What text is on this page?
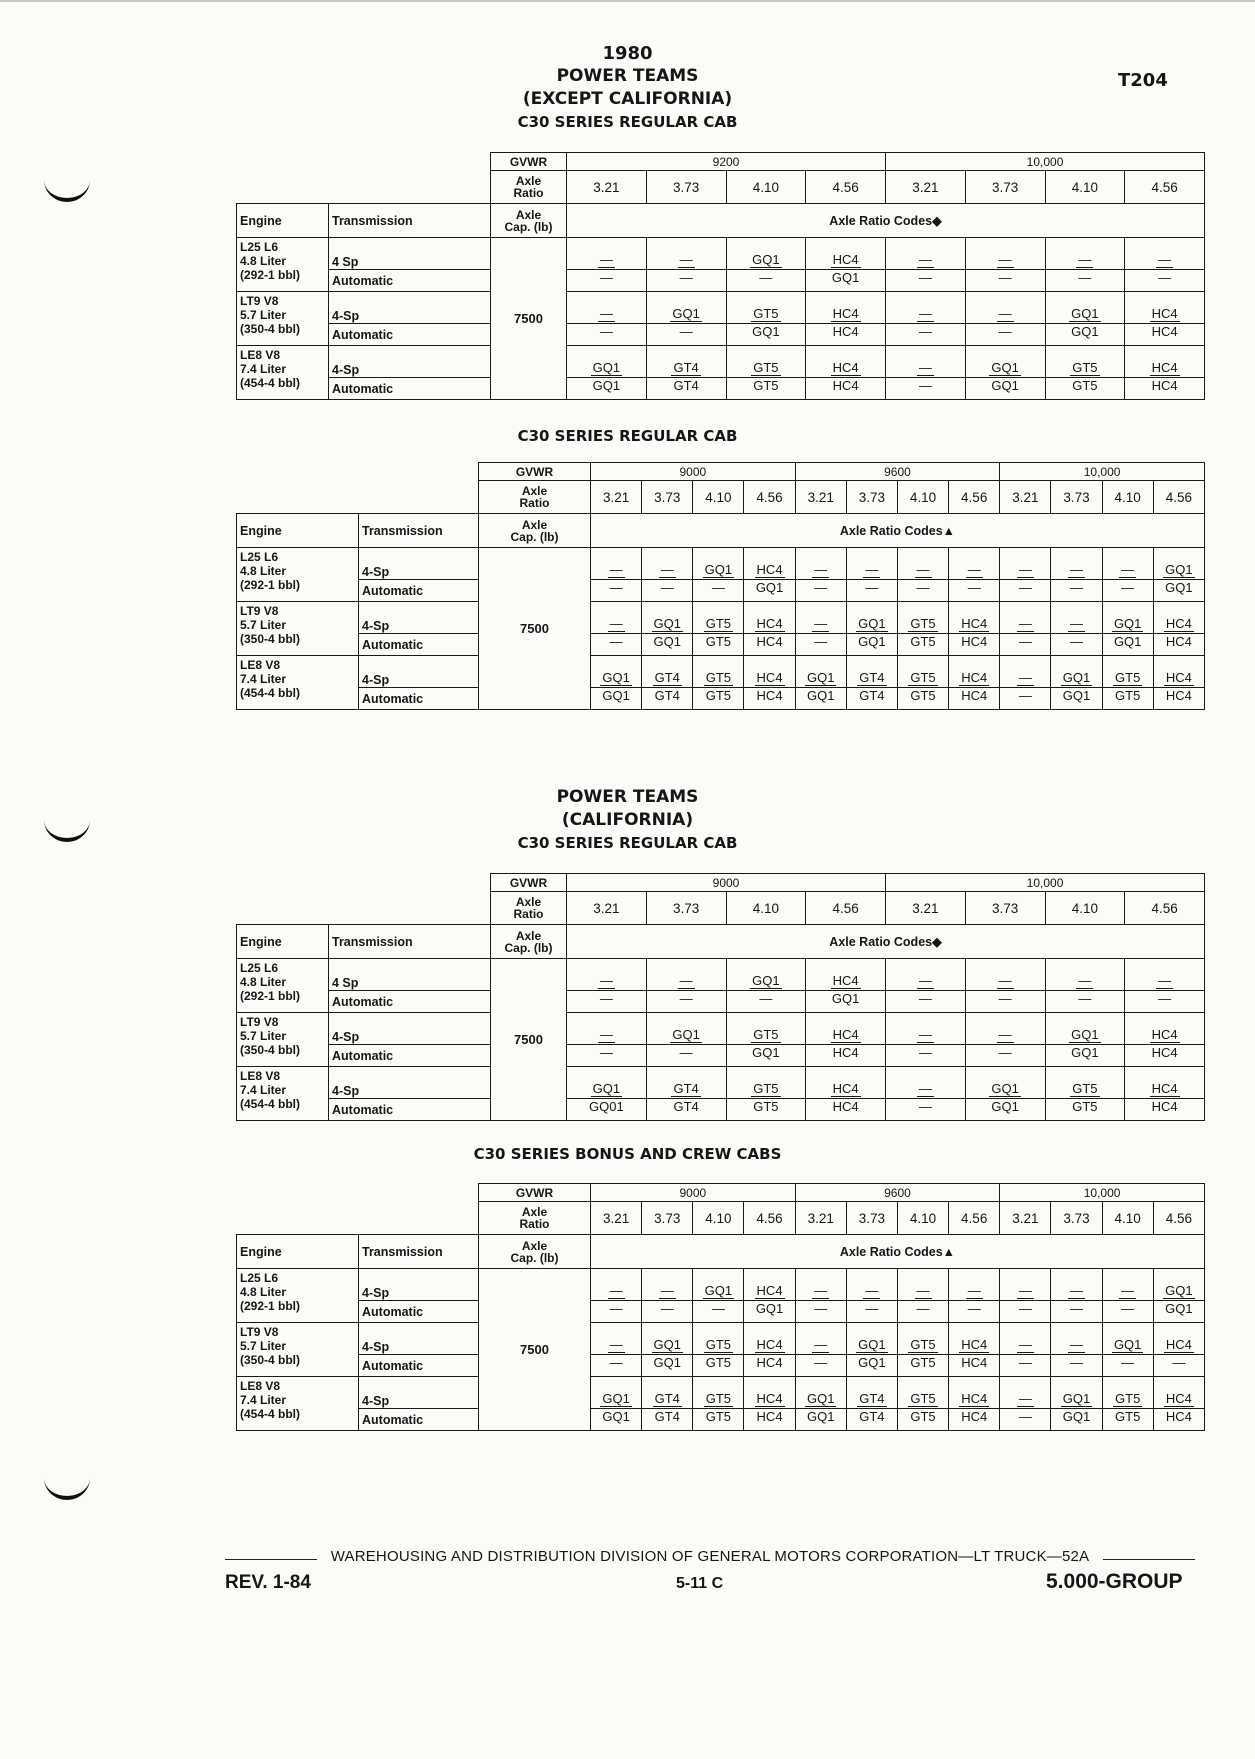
1980
POWER TEAMS
(EXCEPT CALIFORNIA)
C30 SERIES REGULAR CAB
T204
		GVWR	9200				10,000			

		Axle
Ratio	3.21	3.73	4.10	4.56	3.21	3.73	4.10	4.56
Engine	Transmission	Axle
Cap. (lb)	Axle Ratio Codes◆							

L25 L6
4.8 Liter
(292-1 bbl)	4 Sp	7500	—	—	GQ1	HC4	—	—	—	—
	Automatic		—	—	—	GQ1	—	—	—	—

LT9 V8
5.7 Liter
(350-4 bbl)	4-Sp		—	GQ1	GT5	HC4	—	—	GQ1	HC4
	Automatic		—	—	GQ1	HC4	—	—	GQ1	HC4

LE8 V8
7.4 Liter
(454-4 bbl)	4-Sp		GQ1	GT4	GT5	HC4	—	GQ1	GT5	HC4
	Automatic		GQ1	GT4	GT5	HC4	—	GQ1	GT5	HC4
C30 SERIES REGULAR CAB
		GVWR	9000				9600				10,000			

		Axle
Ratio	3.21	3.73	4.10	4.56	3.21	3.73	4.10	4.56	3.21	3.73	4.10	4.56
Engine	Transmission	Axle
Cap. (lb)	Axle Ratio Codes▲											

L25 L6
4.8 Liter
(292-1 bbl)	4-Sp	7500	—	—	GQ1	HC4	—	—	—	—	—	—	—	GQ1
	Automatic		—	—	—	GQ1	—	—	—	—	—	—	—	GQ1

LT9 V8
5.7 Liter
(350-4 bbl)	4-Sp		—	GQ1	GT5	HC4	—	GQ1	GT5	HC4	—	—	GQ1	HC4
	Automatic		—	GQ1	GT5	HC4	—	GQ1	GT5	HC4	—	—	GQ1	HC4

LE8 V8
7.4 Liter
(454-4 bbl)	4-Sp		GQ1	GT4	GT5	HC4	GQ1	GT4	GT5	HC4	—	GQ1	GT5	HC4
	Automatic		GQ1	GT4	GT5	HC4	GQ1	GT4	GT5	HC4	—	GQ1	GT5	HC4
POWER TEAMS
(CALIFORNIA)
C30 SERIES REGULAR CAB
		GVWR	9000				10,000			

		Axle
Ratio	3.21	3.73	4.10	4.56	3.21	3.73	4.10	4.56
Engine	Transmission	Axle
Cap. (lb)	Axle Ratio Codes◆							

L25 L6
4.8 Liter
(292-1 bbl)	4 Sp	7500	—	—	GQ1	HC4	—	—	—	—
	Automatic		—	—	—	GQ1	—	—	—	—

LT9 V8
5.7 Liter
(350-4 bbl)	4-Sp		—	GQ1	GT5	HC4	—	—	GQ1	HC4
	Automatic		—	—	GQ1	HC4	—	—	GQ1	HC4

LE8 V8
7.4 Liter
(454-4 bbl)	4-Sp		GQ1	GT4	GT5	HC4	—	GQ1	GT5	HC4
	Automatic		GQ01	GT4	GT5	HC4	—	GQ1	GT5	HC4
C30 SERIES BONUS AND CREW CABS
		GVWR	9000				9600				10,000			

		Axle
Ratio	3.21	3.73	4.10	4.56	3.21	3.73	4.10	4.56	3.21	3.73	4.10	4.56
Engine	Transmission	Axle
Cap. (lb)	Axle Ratio Codes▲											

L25 L6
4.8 Liter
(292-1 bbl)	4-Sp	7500	—	—	GQ1	HC4	—	—	—	—	—	—	—	GQ1
	Automatic		—	—	—	GQ1	—	—	—	—	—	—	—	GQ1

LT9 V8
5.7 Liter
(350-4 bbl)	4-Sp		—	GQ1	GT5	HC4	—	GQ1	GT5	HC4	—	—	GQ1	HC4
	Automatic		—	GQ1	GT5	HC4	—	GQ1	GT5	HC4	—	—	—	—

LE8 V8
7.4 Liter
(454-4 bbl)	4-Sp		GQ1	GT4	GT5	HC4	GQ1	GT4	GT5	HC4	—	GQ1	GT5	HC4
	Automatic		GQ1	GT4	GT5	HC4	GQ1	GT4	GT5	HC4	—	GQ1	GT5	HC4
WAREHOUSING AND DISTRIBUTION DIVISION OF GENERAL MOTORS CORPORATION—LT TRUCK—52A
REV. 1-84	5-11 C	5.000-GROUP
